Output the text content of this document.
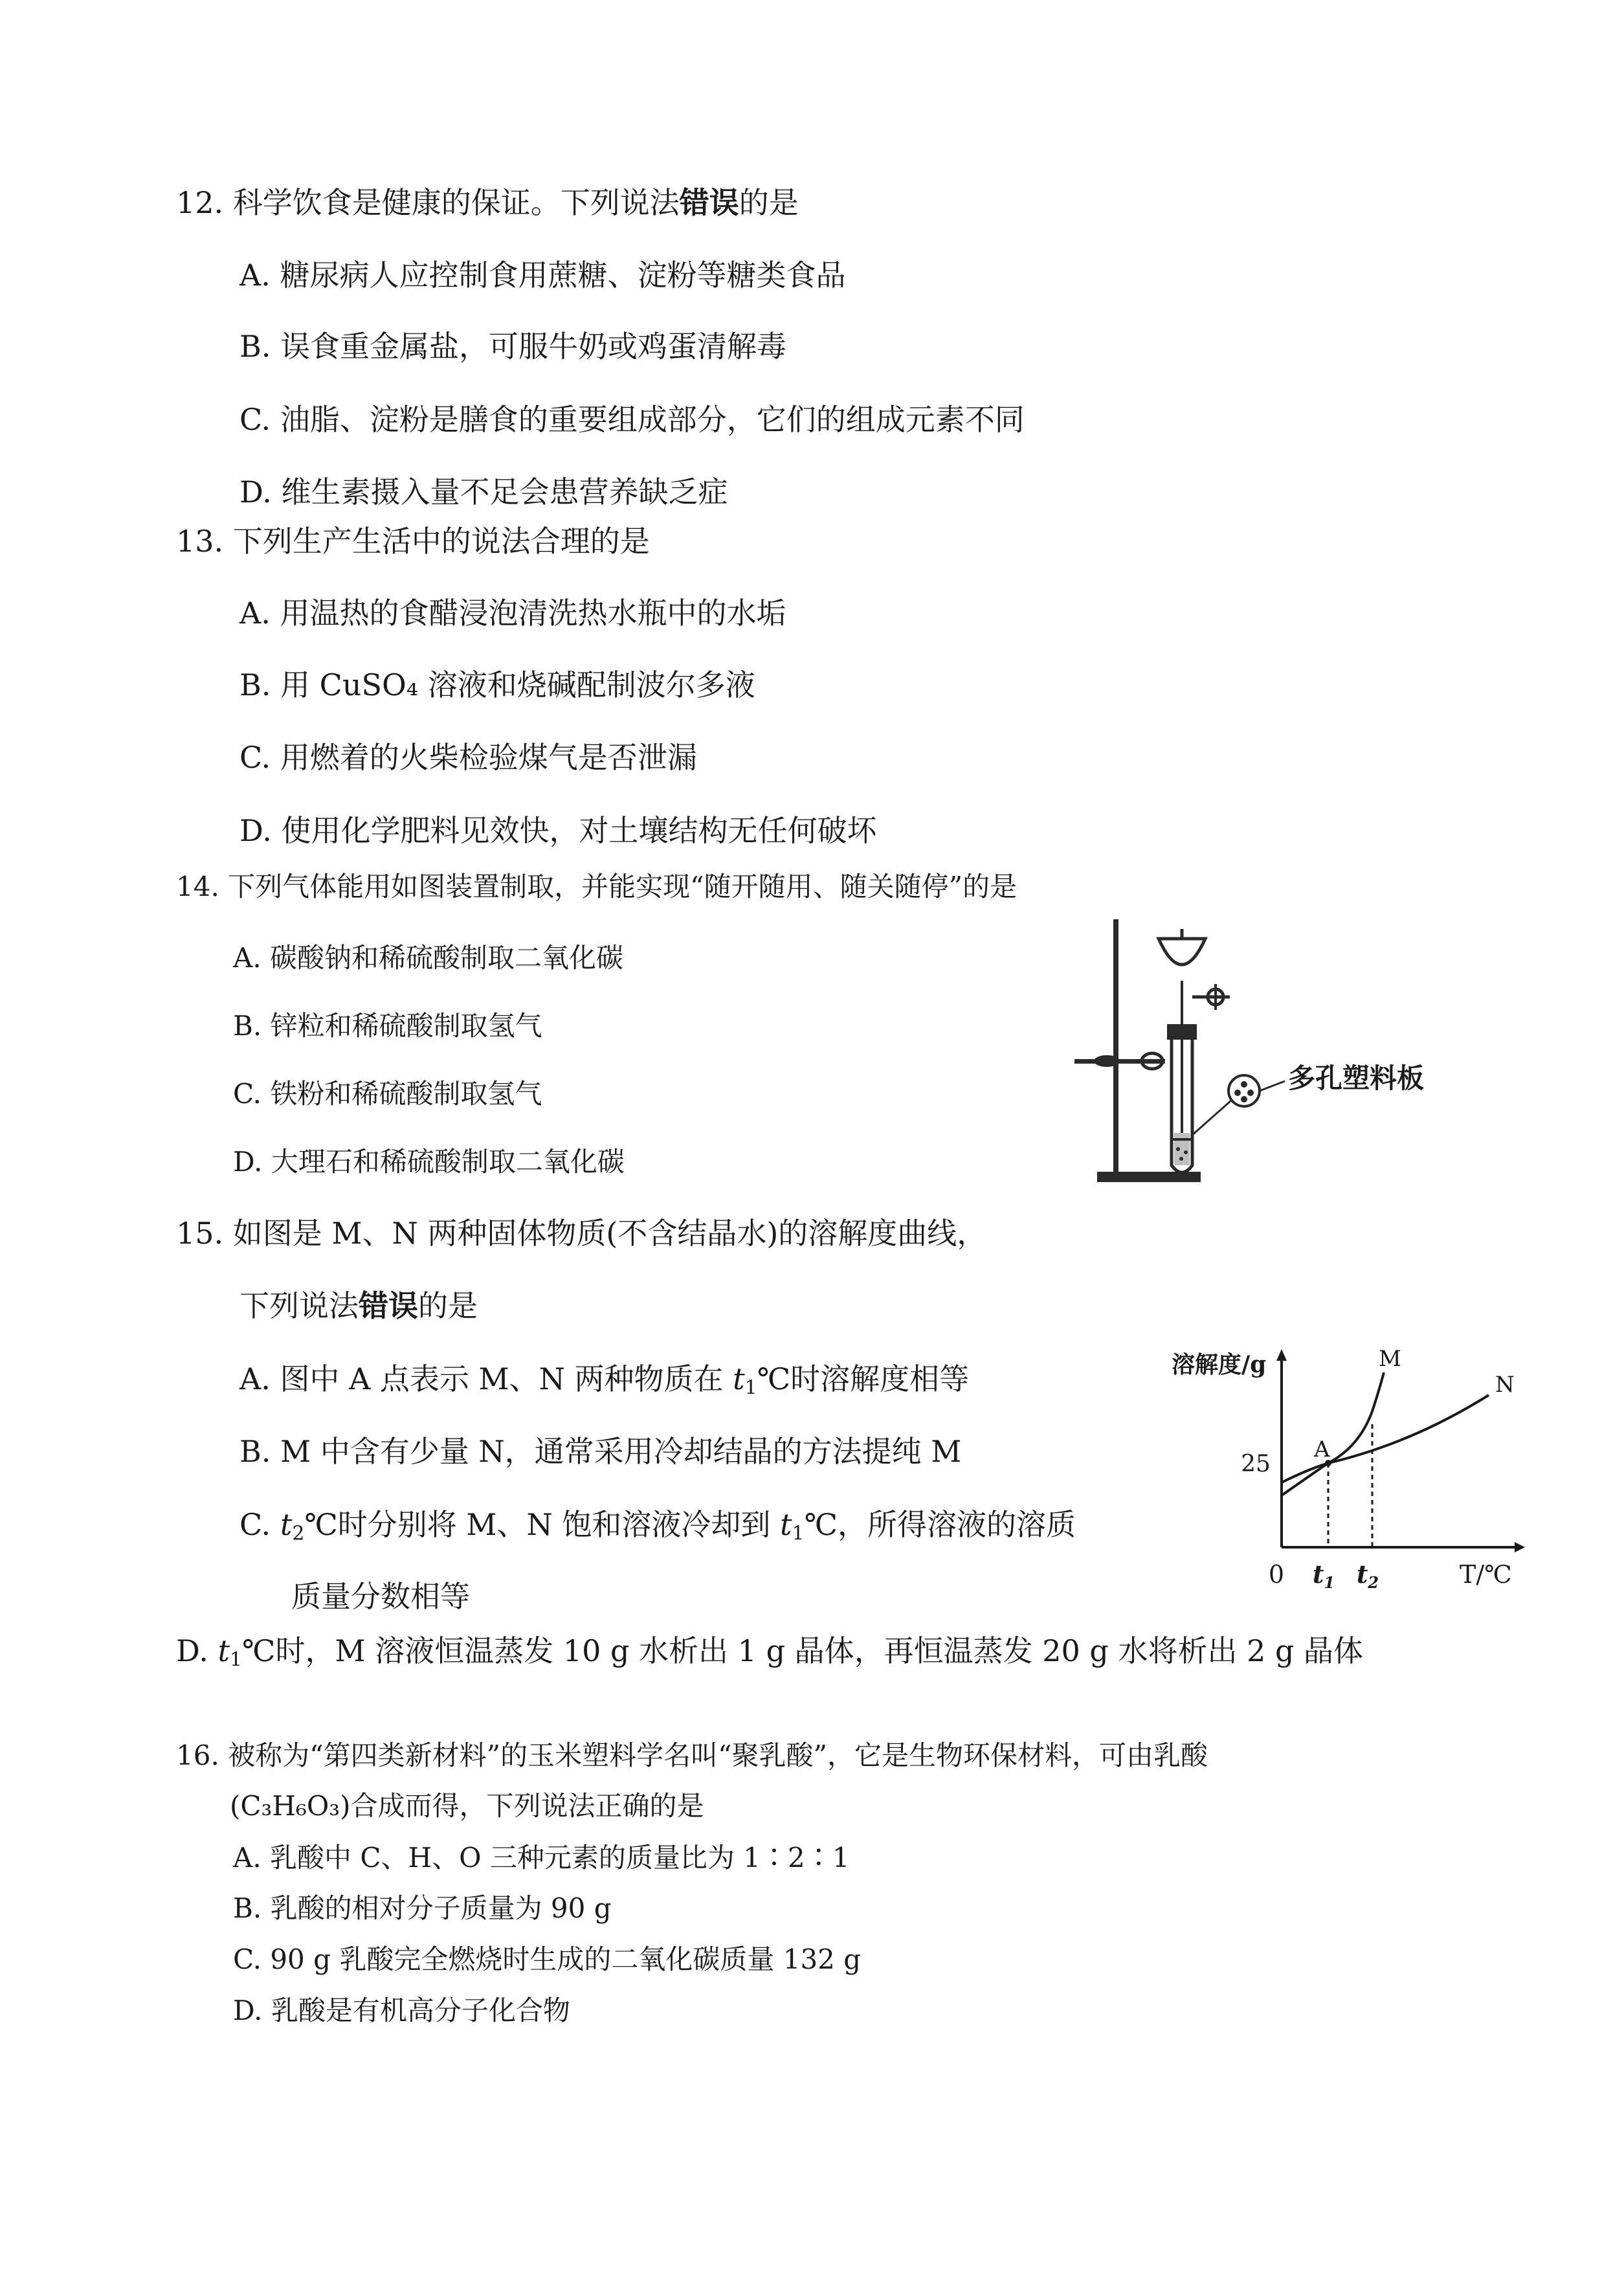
12. 科学饮食是健康的保证。下列说法错误的是
A. 糖尿病人应控制食用蔗糖、淀粉等糖类食品
B. 误食重金属盐，可服牛奶或鸡蛋清解毒
C. 油脂、淀粉是膳食的重要组成部分，它们的组成元素不同
D. 维生素摄入量不足会患营养缺乏症
13. 下列生产生活中的说法合理的是
A. 用温热的食醋浸泡清洗热水瓶中的水垢
B. 用 CuSO₄ 溶液和烧碱配制波尔多液
C. 用燃着的火柴检验煤气是否泄漏
D. 使用化学肥料见效快，对土壤结构无任何破坏
14. 下列气体能用如图装置制取，并能实现“随开随用、随关随停”的是
A. 碳酸钠和稀硫酸制取二氧化碳
B. 锌粒和稀硫酸制取氢气
C. 铁粉和稀硫酸制取氢气
D. 大理石和稀硫酸制取二氧化碳
多孔塑料板
15. 如图是 M、N 两种固体物质(不含结晶水)的溶解度曲线，
下列说法错误的是
A. 图中 A 点表示 M、N 两种物质在 $t_1℃$时溶解度相等
B. M 中含有少量 N，通常采用冷却结晶的方法提纯 M
C. $t_2℃$时分别将 M、N 饱和溶液冷却到 $t_1℃$，所得溶液的溶质
质量分数相等
D. $t_1℃$时，M 溶液恒温蒸发 10 g 水析出 1 g 晶体，再恒温蒸发 20 g 水将析出 2 g 晶体
溶解度/g
T/℃
0
25
$t_1$ $t_2$
A
M
N
16. 被称为“第四类新材料”的玉米塑料学名叫“聚乳酸”，它是生物环保材料，可由乳酸
(C₃H₆O₃)合成而得，下列说法正确的是
A. 乳酸中 C、H、O 三种元素的质量比为 1∶2∶1
B. 乳酸的相对分子质量为 90 g
C. 90 g 乳酸完全燃烧时生成的二氧化碳质量 132 g
D. 乳酸是有机高分子化合物
